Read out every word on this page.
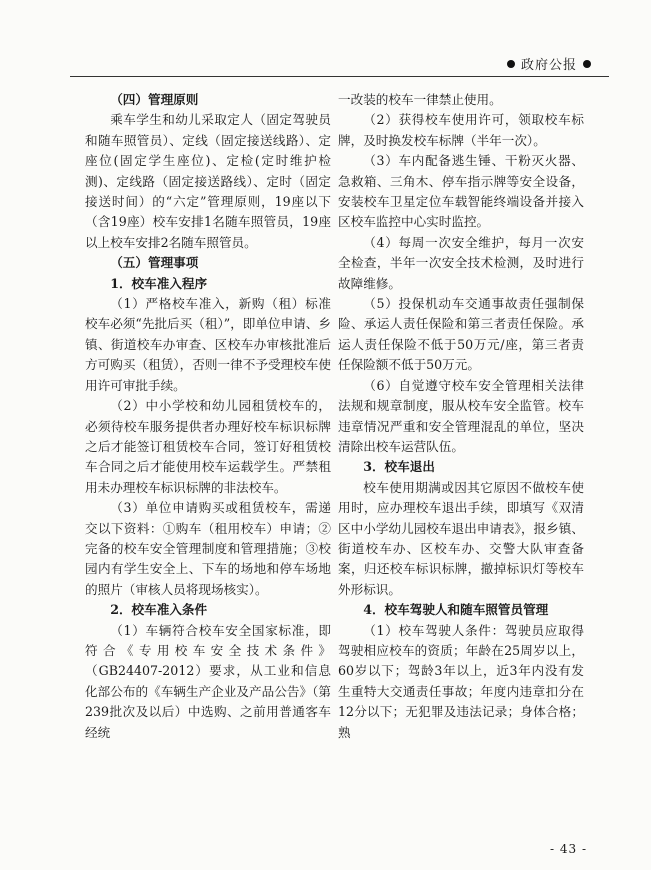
政府公报

（四）管理原则

乘车学生和幼儿采取定人（固定驾驶员和随车照管员）、定线（固定接送线路）、定座位(固定学生座位)、定检(定时维护检测)、定线路（固定接送路线）、定时（固定接送时间）的“六定”管理原则，19座以下（含19座）校车安排1名随车照管员，19座以上校车安排2名随车照管员。

（五）管理事项

1．校车准入程序

（1）严格校车准入，新购（租）标准校车必须“先批后买（租）”，即单位申请、乡镇、街道校车办审查、区校车办审核批准后方可购买（租赁），否则一律不予受理校车使用许可审批手续。

（2）中小学校和幼儿园租赁校车的，必须待校车服务提供者办理好校车标识标牌之后才能签订租赁校车合同，签订好租赁校车合同之后才能使用校车运载学生。严禁租用未办理校车标识标牌的非法校车。

（3）单位申请购买或租赁校车，需递交以下资料：①购车（租用校车）申请；②完备的校车安全管理制度和管理措施；③校园内有学生安全上、下车的场地和停车场地的照片（审核人员将现场核实）。

2．校车准入条件

（1）车辆符合校车安全国家标准，即符合《专用校车安全技术条件》（GB24407-2012）要求，从工业和信息化部公布的《车辆生产企业及产品公告》（第239批次及以后）中选购、之前用普通客车经统

一改装的校车一律禁止使用。

（2）获得校车使用许可，领取校车标牌，及时换发校车标牌（半年一次）。

（3）车内配备逃生锤、干粉灭火器、急救箱、三角木、停车指示牌等安全设备，安装校车卫星定位车载智能终端设备并接入区校车监控中心实时监控。

（4）每周一次安全维护，每月一次安全检查，半年一次安全技术检测，及时进行故障维修。

（5）投保机动车交通事故责任强制保险、承运人责任保险和第三者责任保险。承运人责任保险不低于50万元/座，第三者责任保险额不低于50万元。

（6）自觉遵守校车安全管理相关法律法规和规章制度，服从校车安全监管。校车违章情况严重和安全管理混乱的单位，坚决清除出校车运营队伍。

3．校车退出

校车使用期满或因其它原因不做校车使用时，应办理校车退出手续，即填写《双清区中小学幼儿园校车退出申请表》，报乡镇、街道校车办、区校车办、交警大队审查备案，归还校车标识标牌，撤掉标识灯等校车外形标识。

4．校车驾驶人和随车照管员管理

（1）校车驾驶人条件：驾驶员应取得驾驶相应校车的资质；年龄在25周岁以上，60岁以下；驾龄3年以上，近3年内没有发生重特大交通责任事故；年度内违章扣分在12分以下；无犯罪及违法记录；身体合格；熟

- 43 -
